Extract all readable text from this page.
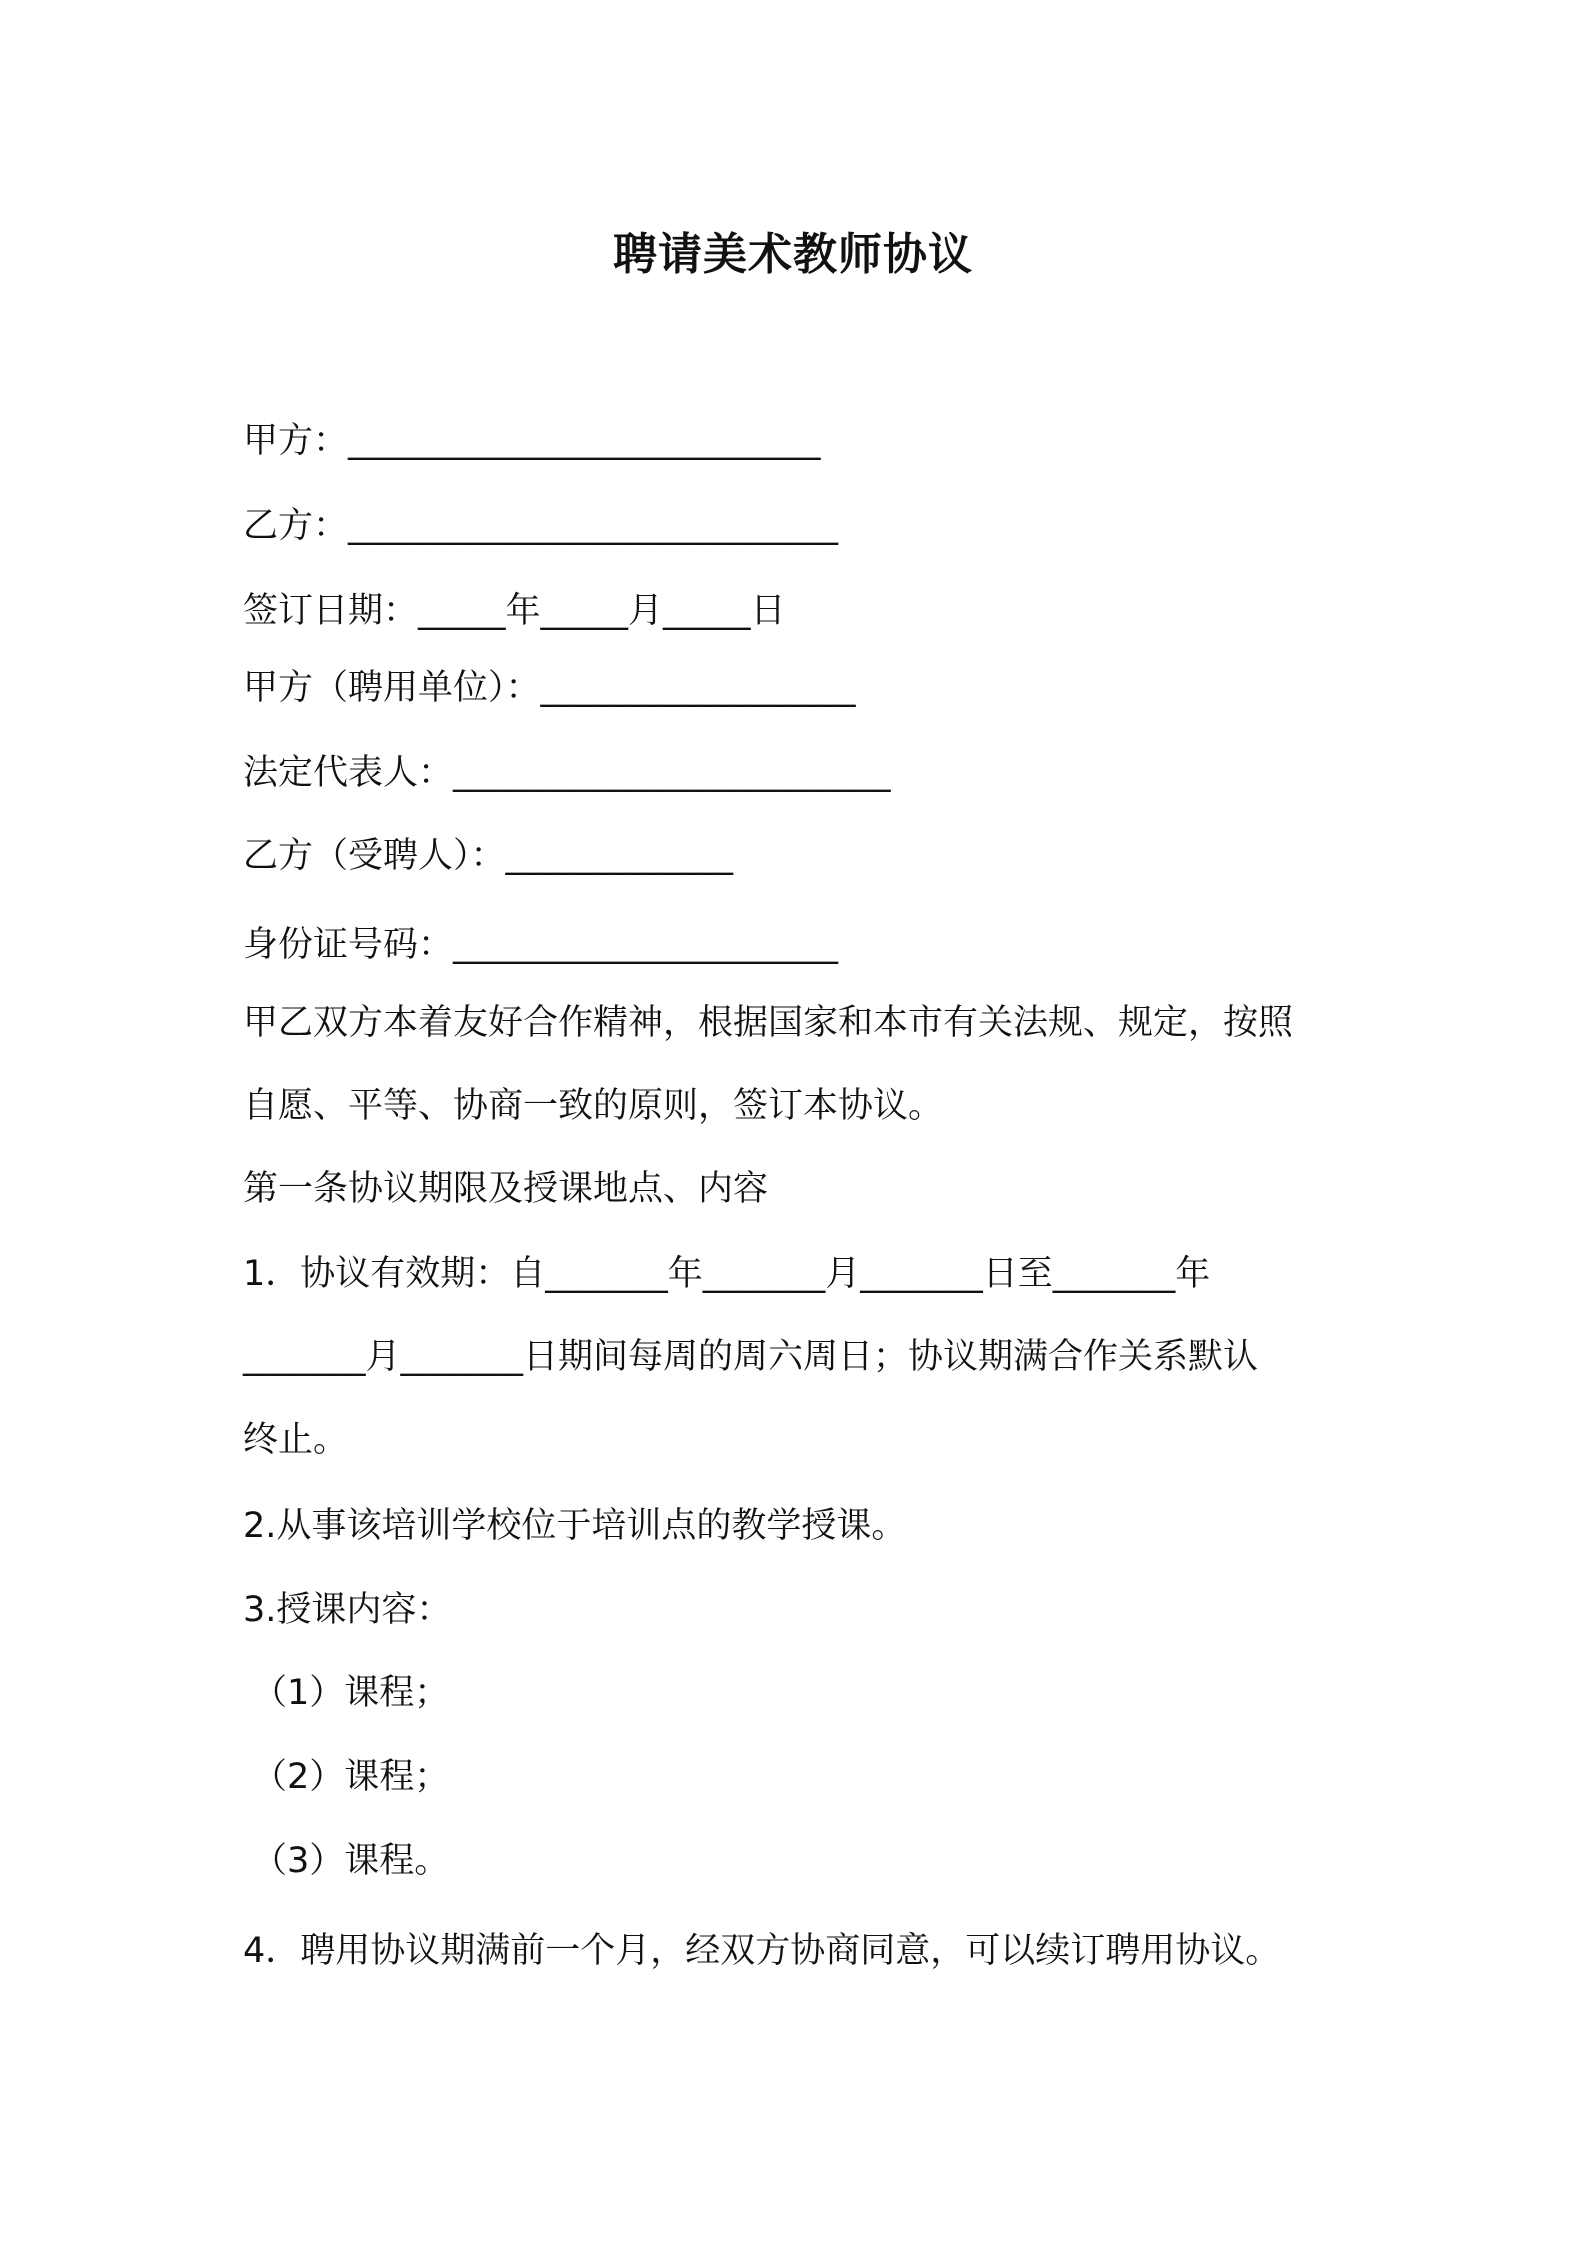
聘请美术教师协议
甲方：___________________________
乙方：____________________________
签订日期：_____年_____月_____日
甲方（聘用单位）：__________________
法定代表人：_________________________
乙方（受聘人）：_____________
身份证号码：______________________
甲乙双方本着友好合作精神，根据国家和本市有关法规、规定，按照
自愿、平等、协商一致的原则，签订本协议。
第一条协议期限及授课地点、内容
1．协议有效期：自_______年_______月_______日至_______年
_______月_______日期间每周的周六周日；协议期满合作关系默认
终止。
2.从事该培训学校位于培训点的教学授课。
3.授课内容：
（1）课程；
（2）课程；
（3）课程。
4．聘用协议期满前一个月，经双方协商同意，可以续订聘用协议。
